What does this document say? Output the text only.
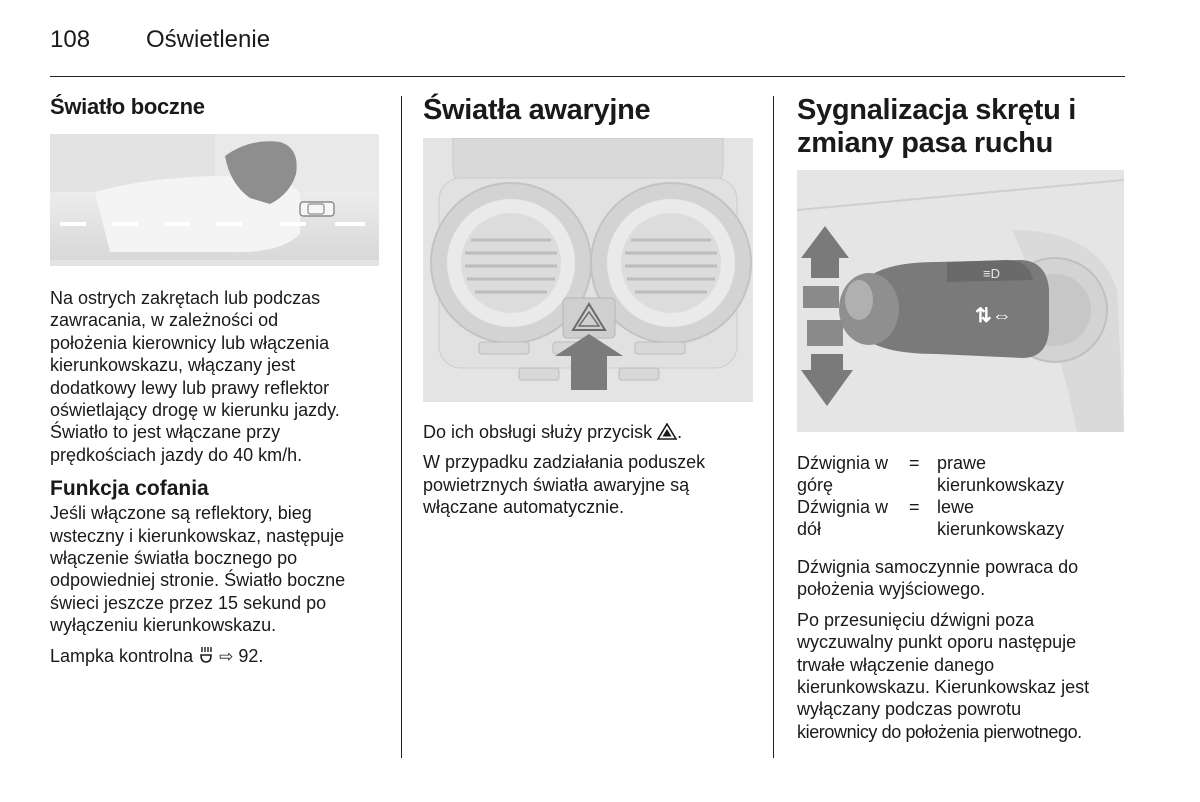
108 Oświetlenie
Światło boczne

Na ostrych zakrętach lub podczas

zawracania, w zależności od

położenia kierownicy lub włączenia

kierunkowskazu, włączany jest

dodatkowy lewy lub prawy reflektor

oświetlający drogę w kierunku jazdy.

Światło to jest włączane przy

prędkościach jazdy do 40 km/h.

Funkcja cofania

Jeśli włączone są reflektory, bieg

wsteczny i kierunkowskaz, następuje

włączenie światła bocznego po

odpowiedniej stronie. Światło boczne

świeci jeszcze przez 15 sekund po

wyłączeniu kierunkowskazu.

Lampka kontrolna ⇨ 92.

Światła awaryjne

Do ich obsługi służy przycisk .

W przypadku zadziałania poduszek

powietrznych światła awaryjne są

włączane automatycznie.

Sygnalizacja skrętu i
zmiany pasa ruchu
≡D
⇅⇔
Dźwignia w
górę
= prawe
kierunkowskazy
Dźwignia w
dół
= lewe
kierunkowskazy

Dźwignia samoczynnie powraca do

położenia wyjściowego.

Po przesunięciu dźwigni poza

wyczuwalny punkt oporu następuje

trwałe włączenie danego

kierunkowskazu. Kierunkowskaz jest

wyłączany podczas powrotu

kierownicy do położenia pierwotnego.
